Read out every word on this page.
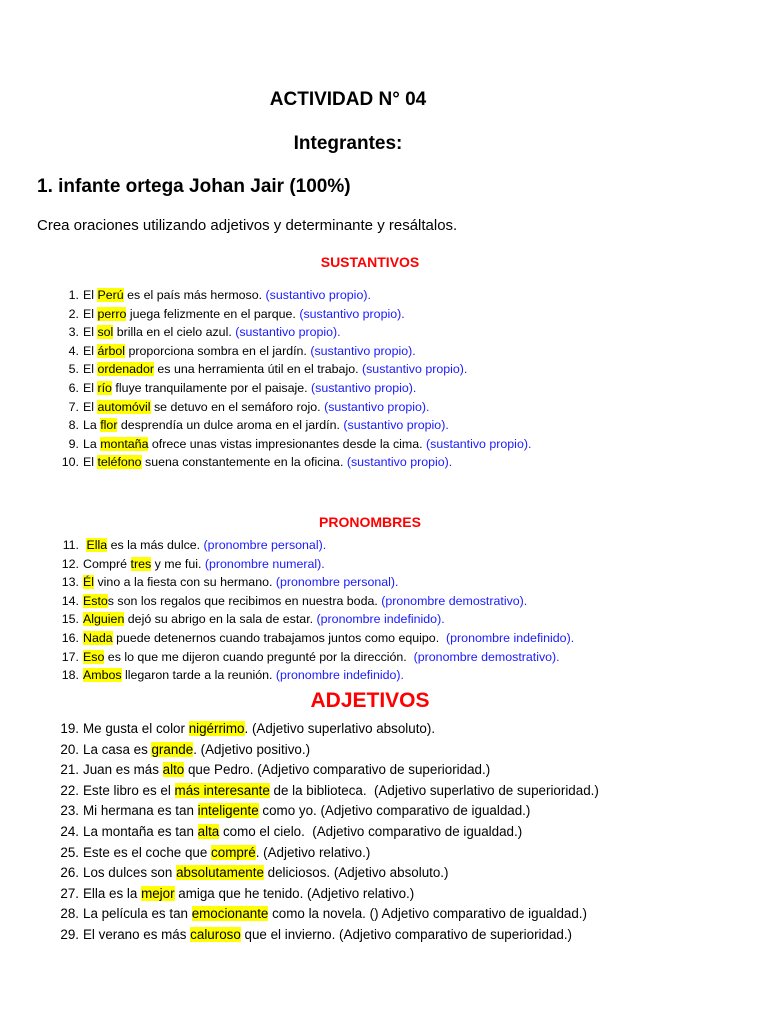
ACTIVIDAD N° 04
Integrantes:
1. infante ortega Johan Jair (100%)
Crea oraciones utilizando adjetivos y determinante y resáltalos.
SUSTANTIVOS
1. El Perú es el país más hermoso. (sustantivo propio).
2. El perro juega felizmente en el parque. (sustantivo propio).
3. El sol brilla en el cielo azul. (sustantivo propio).
4. El árbol proporciona sombra en el jardín. (sustantivo propio).
5. El ordenador es una herramienta útil en el trabajo. (sustantivo propio).
6. El río fluye tranquilamente por el paisaje. (sustantivo propio).
7. El automóvil se detuvo en el semáforo rojo. (sustantivo propio).
8. La flor desprendía un dulce aroma en el jardín. (sustantivo propio).
9. La montaña ofrece unas vistas impresionantes desde la cima. (sustantivo propio).
10. El teléfono suena constantemente en la oficina. (sustantivo propio).
PRONOMBRES
11. Ella es la más dulce. (pronombre personal).
12. Compré tres y me fui. (pronombre numeral).
13. Él vino a la fiesta con su hermano. (pronombre personal).
14. Estos son los regalos que recibimos en nuestra boda. (pronombre demostrativo).
15. Alguien dejó su abrigo en la sala de estar. (pronombre indefinido).
16. Nada puede detenernos cuando trabajamos juntos como equipo.  (pronombre indefinido).
17. Eso es lo que me dijeron cuando pregunté por la dirección.  (pronombre demostrativo).
18. Ambos llegaron tarde a la reunión. (pronombre indefinido).
ADJETIVOS
19. Me gusta el color nigérrimo. (Adjetivo superlativo absoluto).
20. La casa es grande. (Adjetivo positivo.)
21. Juan es más alto que Pedro. (Adjetivo comparativo de superioridad.)
22. Este libro es el más interesante de la biblioteca.  (Adjetivo superlativo de superioridad.)
23. Mi hermana es tan inteligente como yo. (Adjetivo comparativo de igualdad.)
24. La montaña es tan alta como el cielo.  (Adjetivo comparativo de igualdad.)
25. Este es el coche que compré. (Adjetivo relativo.)
26. Los dulces son absolutamente deliciosos. (Adjetivo absoluto.)
27. Ella es la mejor amiga que he tenido. (Adjetivo relativo.)
28. La película es tan emocionante como la novela. () Adjetivo comparativo de igualdad.)
29. El verano es más caluroso que el invierno. (Adjetivo comparativo de superioridad.)
